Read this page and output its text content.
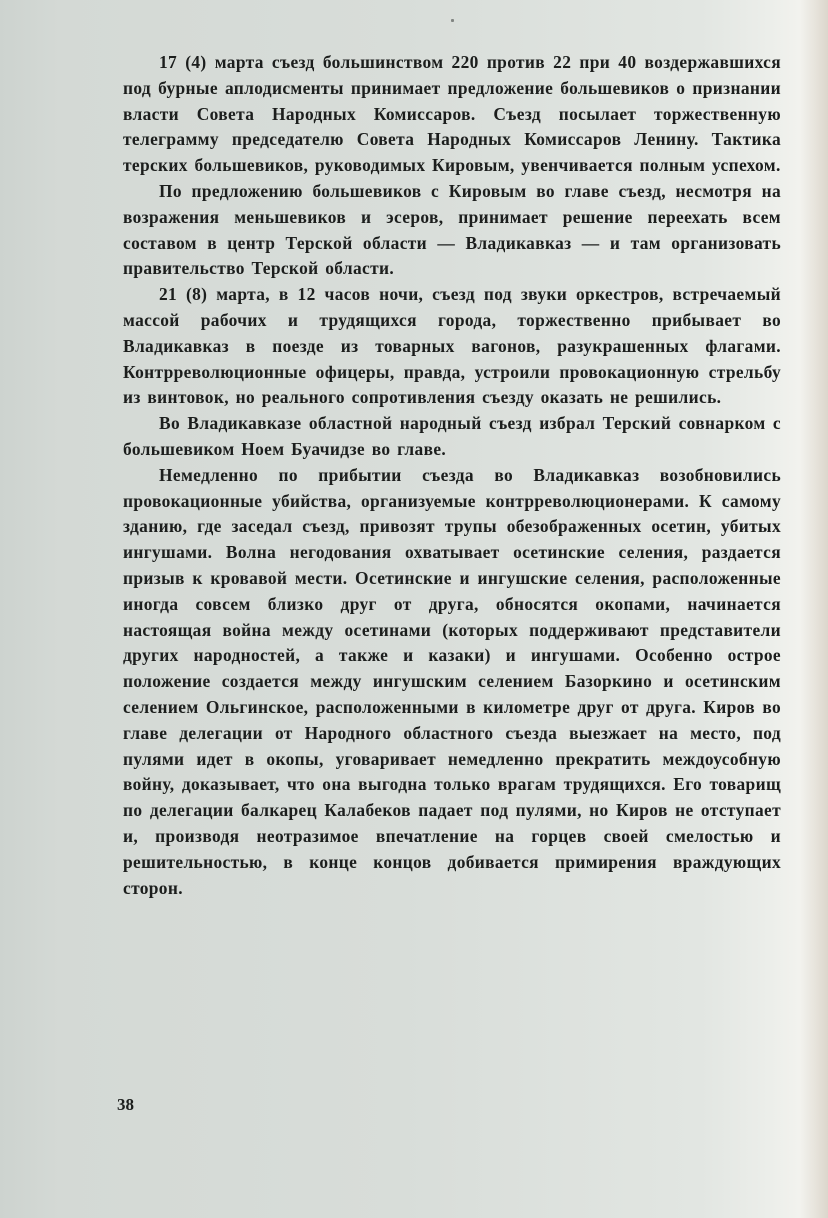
17 (4) марта съезд большинством 220 против 22 при 40 воздержавшихся под бурные аплодисменты принимает предложение большевиков о признании власти Совета Народных Комиссаров. Съезд посылает торжественную телеграмму председателю Совета Народных Комиссаров Ленину. Тактика терских большевиков, руководимых Кировым, увенчивается полным успехом.

По предложению большевиков с Кировым во главе съезд, несмотря на возражения меньшевиков и эсеров, принимает решение переехать всем составом в центр Терской области — Владикавказ — и там организовать правительство Терской области.

21 (8) марта, в 12 часов ночи, съезд под звуки оркестров, встречаемый массой рабочих и трудящихся города, торжественно прибывает во Владикавказ в поезде из товарных вагонов, разукрашенных флагами. Контрреволюционные офицеры, правда, устроили провокационную стрельбу из винтовок, но реального сопротивления съезду оказать не решились.

Во Владикавказе областной народный съезд избрал Терский совнарком с большевиком Ноем Буачидзе во главе.

Немедленно по прибытии съезда во Владикавказ возобновились провокационные убийства, организуемые контрреволюционерами. К самому зданию, где заседал съезд, привозят трупы обезображенных осетин, убитых ингушами. Волна негодования охватывает осетинские селения, раздается призыв к кровавой мести. Осетинские и ингушские селения, расположенные иногда совсем близко друг от друга, обносятся окопами, начинается настоящая война между осетинами (которых поддерживают представители других народностей, а также и казаки) и ингушами. Особенно острое положение создается между ингушским селением Базоркино и осетинским селением Ольгинское, расположенными в километре друг от друга. Киров во главе делегации от Народного областного съезда выезжает на место, под пулями идет в окопы, уговаривает немедленно прекратить междоусобную войну, доказывает, что она выгодна только врагам трудящихся. Его товарищ по делегации балкарец Калабеков падает под пулями, но Киров не отступает и, производя неотразимое впечатление на горцев своей смелостью и решительностью, в конце концов добивается примирения враждующих сторон.

38
